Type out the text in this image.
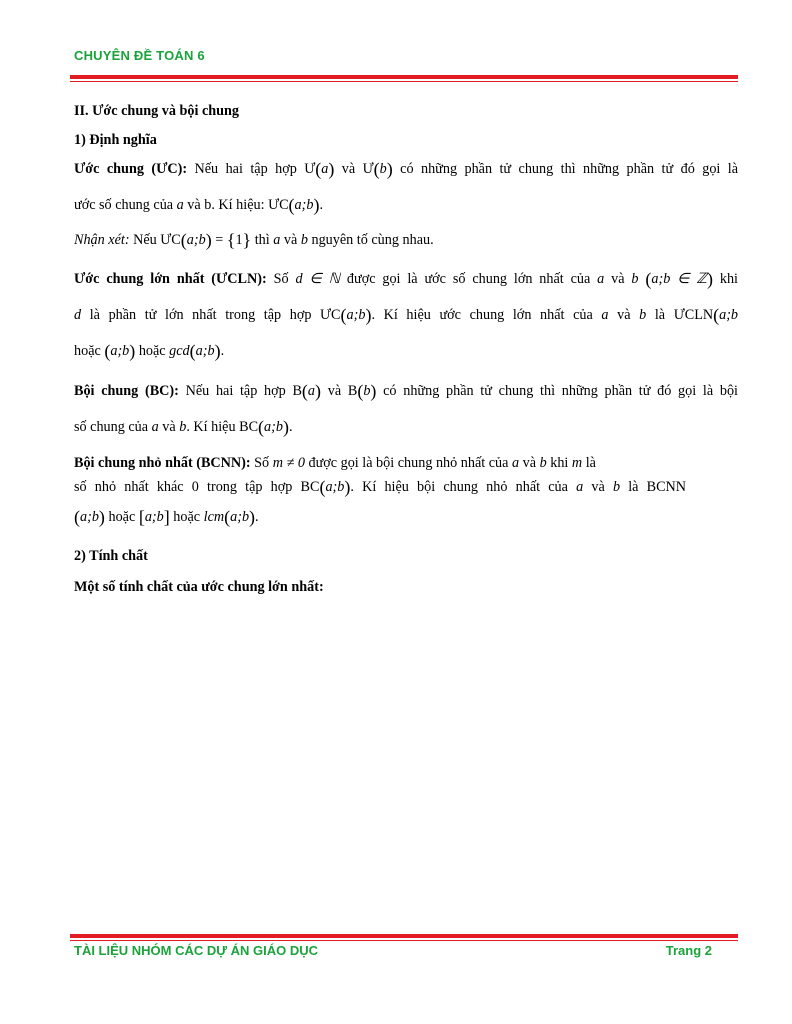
CHUYÊN ĐỀ TOÁN 6
II. Ước chung và bội chung
1) Định nghĩa
Ước chung (ƯC): Nếu hai tập hợp Ư(a) và Ư(b) có những phần tử chung thì những phần tử đó gọi là
ước số chung của a và b. Kí hiệu: ƯC(a;b).
Nhận xét: Nếu ƯC(a;b) = {1} thì a và b nguyên tố cùng nhau.
Ước chung lớn nhất (ƯCLN): Số d ∈ ℕ được gọi là ước số chung lớn nhất của a và b (a;b ∈ ℤ) khi
d là phần tử lớn nhất trong tập hợp ƯC(a;b). Kí hiệu ước chung lớn nhất của a và b là ƯCLN(a;b
hoặc (a;b) hoặc gcd(a;b).
Bội chung (BC): Nếu hai tập hợp B(a) và B(b) có những phần tử chung thì những phần tử đó gọi là bội
số chung của a và b. Kí hiệu BC(a;b).
Bội chung nhỏ nhất (BCNN): Số m ≠ 0 được gọi là bội chung nhỏ nhất của a và b khi m là
số nhỏ nhất khác 0 trong tập hợp BC(a;b). Kí hiệu bội chung nhỏ nhất của a và b là BCNN
(a;b) hoặc [a;b] hoặc lcm(a;b).
2) Tính chất
Một số tính chất của ước chung lớn nhất:
TÀI LIỆU NHÓM CÁC DỰ ÁN GIÁO DỤC	Trang 2
